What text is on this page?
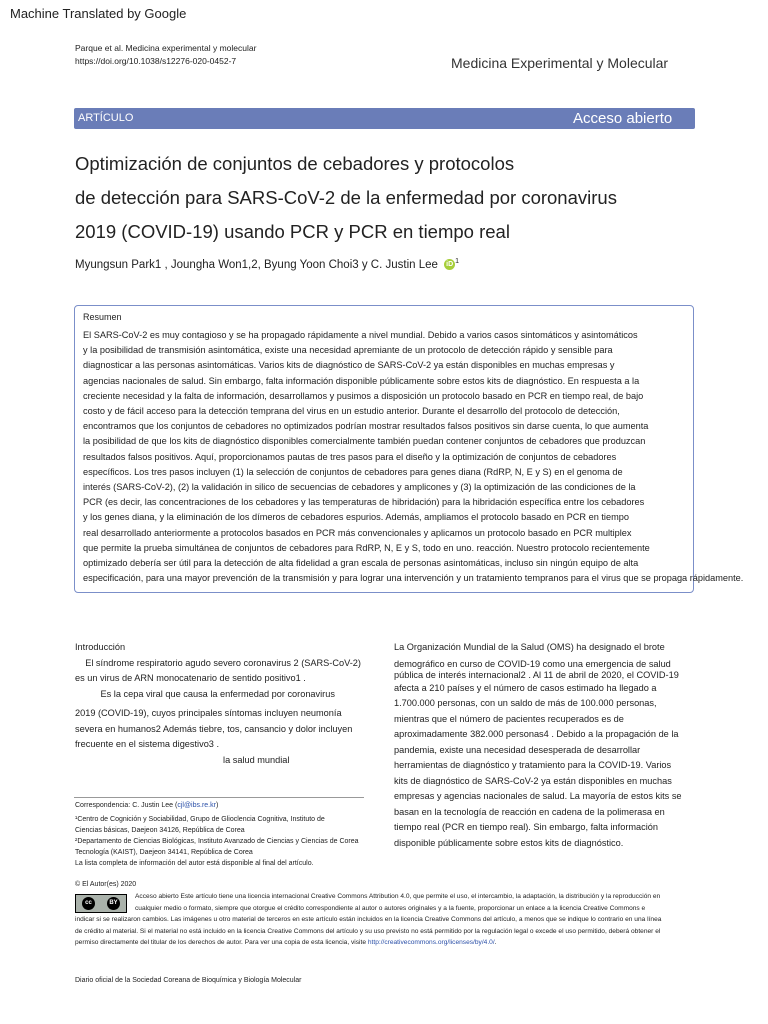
Machine Translated by Google
Parque et al. Medicina experimental y molecular
https://doi.org/10.1038/s12276-020-0452-7	Medicina Experimental y Molecular
ARTÍCULO	Acceso abierto
Optimización de conjuntos de cebadores y protocolos
de detección para SARS-CoV-2 de la enfermedad por coronavirus
2019 (COVID-19) usando PCR y PCR en tiempo real
Myungsun Park1 , Joungha Won1,2, Byung Yoon Choi3 y C. Justin Lee iD $^1$
Resumen
El SARS-CoV-2 es muy contagioso y se ha propagado rápidamente a nivel mundial. Debido a varios casos sintomáticos y asintomáticos
y la posibilidad de transmisión asintomática, existe una necesidad apremiante de un protocolo de detección rápido y sensible para
diagnosticar a las personas asintomáticas. Varios kits de diagnóstico de SARS-CoV-2 ya están disponibles en muchas empresas y
agencias nacionales de salud. Sin embargo, falta información disponible públicamente sobre estos kits de diagnóstico. En respuesta a la
creciente necesidad y la falta de información, desarrollamos y pusimos a disposición un protocolo basado en PCR en tiempo real, de bajo
costo y de fácil acceso para la detección temprana del virus en un estudio anterior. Durante el desarrollo del protocolo de detección,
encontramos que los conjuntos de cebadores no optimizados podrían mostrar resultados falsos positivos sin darse cuenta, lo que aumenta
la posibilidad de que los kits de diagnóstico disponibles comercialmente también puedan contener conjuntos de cebadores que produzcan
resultados falsos positivos. Aquí, proporcionamos pautas de tres pasos para el diseño y la optimización de conjuntos de cebadores
específicos. Los tres pasos incluyen (1) la selección de conjuntos de cebadores para genes diana (RdRP, N, E y S) en el genoma de
interés (SARS-CoV-2), (2) la validación in silico de secuencias de cebadores y amplicones y (3) la optimización de las condiciones de la
PCR (es decir, las concentraciones de los cebadores y las temperaturas de hibridación) para la hibridación específica entre los cebadores
y los genes diana, y la eliminación de los dímeros de cebadores espurios. Además, ampliamos el protocolo basado en PCR en tiempo
real desarrollado anteriormente a protocolos basados en PCR más convencionales y aplicamos un protocolo basado en PCR multiplex
que permite la prueba simultánea de conjuntos de cebadores para RdRP, N, E y S, todo en uno. reacción. Nuestro protocolo recientemente
optimizado debería ser útil para la detección de alta fidelidad a gran escala de personas asintomáticas, incluso sin ningún equipo de alta
especificación, para una mayor prevención de la transmisión y para lograr una intervención y un tratamiento tempranos para el virus que se propaga rápidamente.
Introducción
El síndrome respiratorio agudo severo coronavirus 2 (SARS-CoV-2)
es un virus de ARN monocatenario de sentido positivo1 .
Es la cepa viral que causa la enfermedad por coronavirus
2019 (COVID-19), cuyos principales síntomas incluyen neumonía
severa en humanos2 Además tiebre, tos, cansancio y dolor incluyen
frecuente en el sistema digestivo3 .
la salud mundial
La Organización Mundial de la Salud (OMS) ha designado el brote
demográfico en curso de COVID-19 como una emergencia de salud
pública de interés internacional2 . Al 11 de abril de 2020, el COVID-19
afecta a 210 países y el número de casos estimado ha llegado a
1.700.000 personas, con un saldo de más de 100.000 personas,
mientras que el número de pacientes recuperados es de
aproximadamente 382.000 personas4 . Debido a la propagación de la
pandemia, existe una necesidad desesperada de desarrollar
herramientas de diagnóstico y tratamiento para la COVID-19. Varios
kits de diagnóstico de SARS-CoV-2 ya están disponibles en muchas
empresas y agencias nacionales de salud. La mayoría de estos kits se
basan en la tecnología de reacción en cadena de la polimerasa en
tiempo real (PCR en tiempo real). Sin embargo, falta información
disponible públicamente sobre estos kits de diagnóstico.
Correspondencia: C. Justin Lee (cjl@ibs.re.kr)
¹Centro de Cognición y Sociabilidad, Grupo de Glioclencia Cognitiva, Instituto de
Ciencias básicas, Daejeon 34126, República de Corea
²Departamento de Ciencias Biológicas, Instituto Avanzado de Ciencias y Ciencias de Corea
Tecnología (KAIST), Daejeon 34141, República de Corea
La lista completa de información del autor está disponible al final del artículo.
© El Autor(es) 2020
Acceso abierto Este artículo tiene una licencia internacional Creative Commons Attribution 4.0, que permite el uso, el intercambio, la adaptación, la distribución y la reproducción en
cualquier medio o formato, siempre que otorgue el crédito correspondiente al autor o autores originales y a la fuente, proporcionar un enlace a la licencia Creative Commons e
indicar si se realizaron cambios. Las imágenes u otro material de terceros en este artículo están incluidos en la licencia Creative Commons del artículo, a menos que se indique lo contrario en una línea
de crédito al material. Si el material no está incluido en la licencia Creative Commons del artículo y su uso previsto no está permitido por la regulación legal o excede el uso permitido, deberá obtener el
permiso directamente del titular de los derechos de autor. Para ver una copia de esta licencia, visite http://creativecommons.org/licenses/by/4.0/.
cc	BY
Diario oficial de la Sociedad Coreana de Bioquímica y Biología Molecular
